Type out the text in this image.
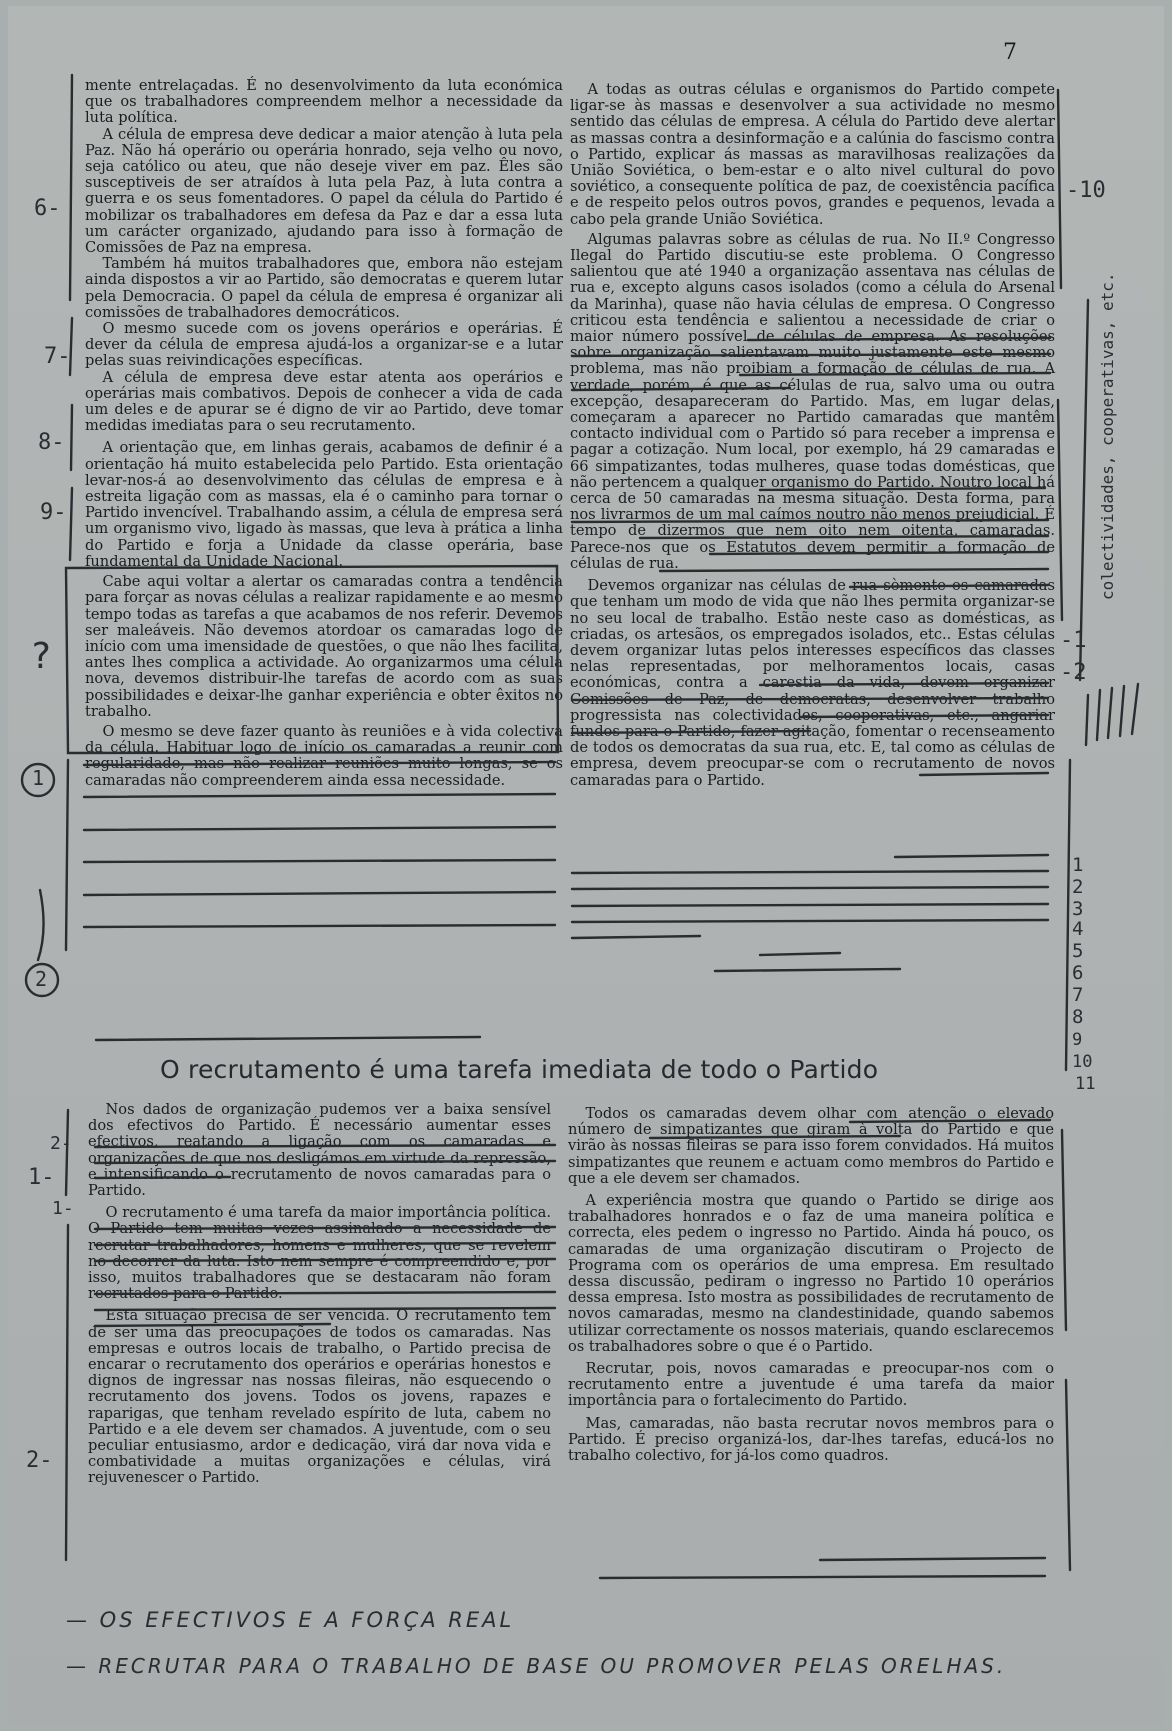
7

mente entrelaçadas. É no desenvolvimento da luta económica que os trabalhadores compreendem melhor a necessidade da luta política.

A célula de empresa deve dedicar a maior atenção à luta pela Paz. Não há operário ou operária honrado, seja velho ou novo, seja católico ou ateu, que não deseje viver em paz. Êles são susceptiveis de ser atraídos à luta pela Paz, à luta contra a guerra e os seus fomentadores. O papel da célula do Partido é mobilizar os trabalhadores em defesa da Paz e dar a essa luta um carácter organizado, ajudando para isso à formação de Comissões de Paz na empresa.

Também há muitos trabalhadores que, embora não estejam ainda dispostos a vir ao Partido, são democratas e querem lutar pela Democracia. O papel da célula de empresa é organizar ali comissões de trabalhadores democráticos.

O mesmo sucede com os jovens operários e operárias. É dever da célula de empresa ajudá-los a organizar-se e a lutar pelas suas reivindicações específicas.

A célula de empresa deve estar atenta aos operários e operárias mais combativos. Depois de conhecer a vida de cada um deles e de apurar se é digno de vir ao Partido, deve tomar medidas imediatas para o seu recrutamento.

A orientação que, em linhas gerais, acabamos de definir é a orientação há muito estabelecida pelo Partido. Esta orientação levar-nos-á ao desenvolvimento das células de empresa e à estreita ligação com as massas, ela é o caminho para tornar o Partido invencível. Trabalhando assim, a célula de empresa será um organismo vivo, ligado às massas, que leva à prática a linha do Partido e forja a Unidade da classe operária, base fundamental da Unidade Nacional.

Cabe aqui voltar a alertar os camaradas contra a tendência para forçar as novas células a realizar rapidamente e ao mesmo tempo todas as tarefas a que acabamos de nos referir. Devemos ser maleáveis. Não devemos atordoar os camaradas logo de início com uma imensidade de questões, o que não lhes facilita, antes lhes complica a actividade. Ao organizarmos uma célula nova, devemos distribuir-lhe tarefas de acordo com as suas possibilidades e deixar-lhe ganhar experiência e obter êxitos no trabalho.

O mesmo se deve fazer quanto às reuniões e à vida colectiva da célula. Habituar logo de início os camaradas a reunir com regularidade, mas não realizar reuniões muito longas, se os camaradas não compreenderem ainda essa necessidade.

A todas as outras células e organismos do Partido compete ligar-se às massas e desenvolver a sua actividade no mesmo sentido das células de empresa. A célula do Partido deve alertar as massas contra a desinformação e a calúnia do fascismo contra o Partido, explicar ás massas as maravilhosas realizações da União Soviética, o bem-estar e o alto nivel cultural do povo soviético, a consequente política de paz, de coexistência pacífica e de respeito pelos outros povos, grandes e pequenos, levada a cabo pela grande União Soviética.

Algumas palavras sobre as células de rua. No II.º Congresso Ilegal do Partido discutiu-se este problema. O Congresso salientou que até 1940 a organização assentava nas células de rua e, excepto alguns casos isolados (como a célula do Arsenal da Marinha), quase não havia células de empresa. O Congresso criticou esta tendência e salientou a necessidade de criar o maior número possível de células de empresa. As resoluções sobre organização salientavam muito justamente este mesmo problema, mas não proibiam a formação de células de rua. A verdade, porém, é que as células de rua, salvo uma ou outra excepção, desapareceram do Partido. Mas, em lugar delas, começaram a aparecer no Partido camaradas que mantêm contacto individual com o Partido só para receber a imprensa e pagar a cotização. Num local, por exemplo, há 29 camaradas e 66 simpatizantes, todas mulheres, quase todas domésticas, que não pertencem a qualquer organismo do Partido. Noutro local há cerca de 50 camaradas na mesma situação. Desta forma, para nos livrarmos de um mal caímos noutro não menos prejudicial. É tempo de dizermos que nem oito nem oitenta, camaradas. Parece-nos que os Estatutos devem permitir a formação de células de rua.

Devemos organizar nas células de rua sòmente os camaradas que tenham um modo de vida que não lhes permita organizar-se no seu local de trabalho. Estão neste caso as domésticas, as criadas, os artesãos, os empregados isolados, etc.. Estas células devem organizar lutas pelos interesses específicos das classes nelas representadas, por melhoramentos locais, casas económicas, contra a carestia da vida, devem organizar Comissões de Paz, de democratas, desenvolver trabalho progressista nas colectividades, cooperativas, etc., angariar fundos para o Partido, fazer agitação, fomentar o recenseamento de todos os democratas da sua rua, etc. E, tal como as células de empresa, devem preocupar-se com o recrutamento de novos camaradas para o Partido.

O recrutamento é uma tarefa imediata de todo o Partido

Nos dados de organização pudemos ver a baixa sensível dos efectivos do Partido. É necessário aumentar esses efectivos, reatando a ligação com os camaradas e organizações de que nos desligámos em virtude da repressão, e intensificando o recrutamento de novos camaradas para o Partido.

O recrutamento é uma tarefa da maior importância política. O Partido tem muitas vezes assinalado a necessidade de recrutar trabalhadores, homens e mulheres, que se revelem no decorrer da luta. Isto nem sempre é compreendido e, por isso, muitos trabalhadores que se destacaram não foram recrutados para o Partido.

Esta situação precisa de ser vencida. O recrutamento tem de ser uma das preocupações de todos os camaradas. Nas empresas e outros locais de trabalho, o Partido precisa de encarar o recrutamento dos operários e operárias honestos e dignos de ingressar nas nossas fileiras, não esquecendo o recrutamento dos jovens. Todos os jovens, rapazes e raparigas, que tenham revelado espírito de luta, cabem no Partido e a ele devem ser chamados. A juventude, com o seu peculiar entusiasmo, ardor e dedicação, virá dar nova vida e combatividade a muitas organizações e células, virá rejuvenescer o Partido.

Todos os camaradas devem olhar com atenção o elevado número de simpatizantes que giram à volta do Partido e que virão às nossas fileiras se para isso forem convidados. Há muitos simpatizantes que reunem e actuam como membros do Partido e que a ele devem ser chamados.

A experiência mostra que quando o Partido se dirige aos trabalhadores honrados e o faz de uma maneira política e correcta, eles pedem o ingresso no Partido. Ainda há pouco, os camaradas de uma organização discutiram o Projecto de Programa com os operários de uma empresa. Em resultado dessa discussão, pediram o ingresso no Partido 10 operários dessa empresa. Isto mostra as possibilidades de recrutamento de novos camaradas, mesmo na clandestinidade, quando sabemos utilizar correctamente os nossos materiais, quando esclarecemos os trabalhadores sobre o que é o Partido.

Recrutar, pois, novos camaradas e preocupar-nos com o recrutamento entre a juventude é uma tarefa da maior importância para o fortalecimento do Partido.

Mas, camaradas, não basta recrutar novos membros para o Partido. É preciso organizá-los, dar-lhes tarefas, educá-los no trabalho colectivo, for já-los como quadros.

6-
7-
8-
9-
?
1
2
1-
2-
1-
2-
-10
-1
-2
1
2
3
4
5
6
7
8
9
10
11
colectividades, cooperativas, etc.
— OS EFECTIVOS E A FORÇA REAL
— RECRUTAR PARA O TRABALHO DE BASE OU PROMOVER PELAS ORELHAS.
